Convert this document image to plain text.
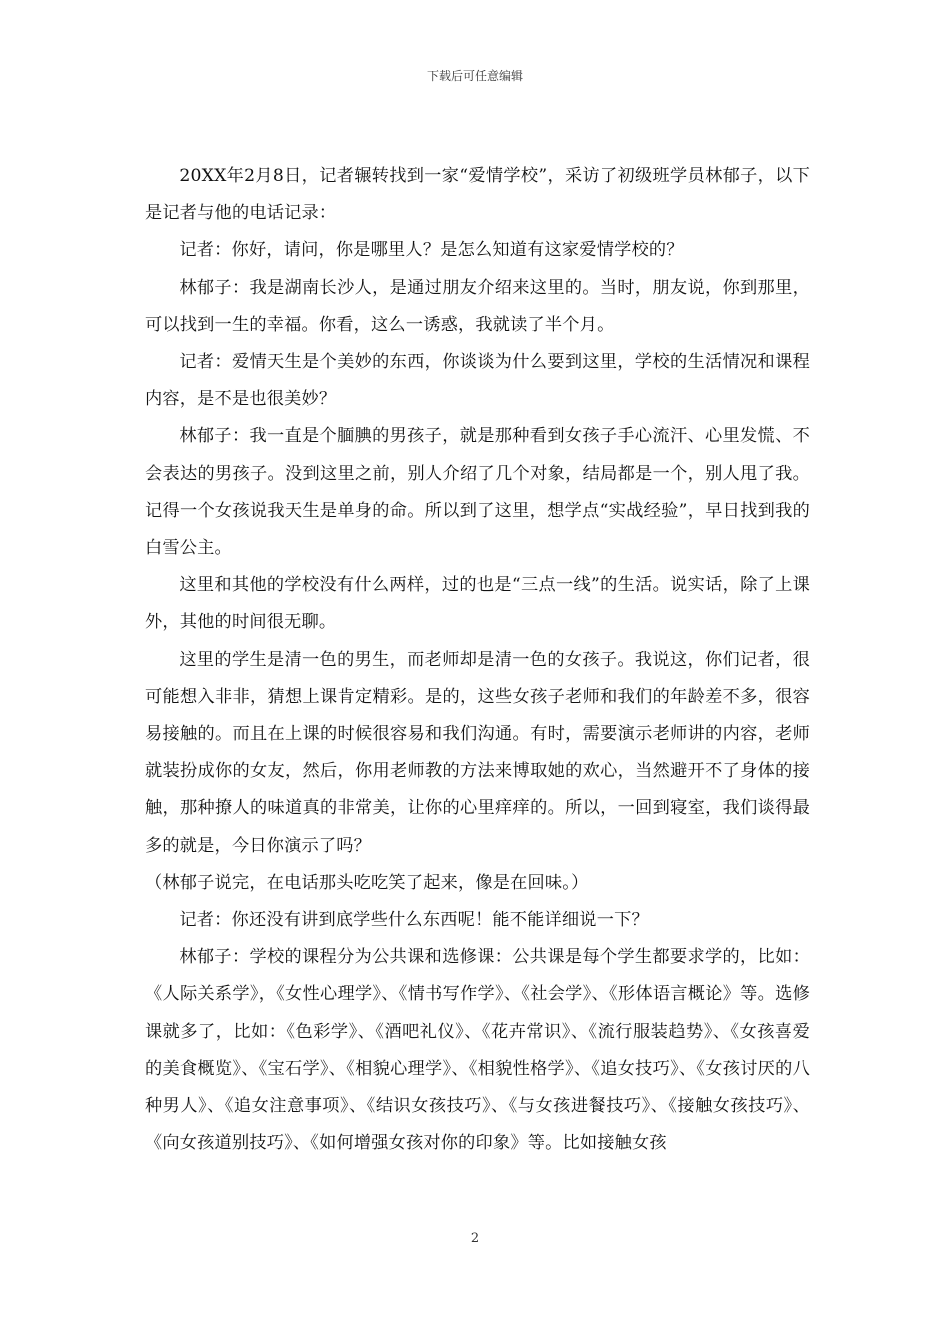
下载后可任意编辑

20XX年2月8日，记者辗转找到一家“爱情学校”，采访了初级班学员林郁子，以下是记者与他的电话记录：

记者：你好，请问，你是哪里人？是怎么知道有这家爱情学校的？

林郁子：我是湖南长沙人，是通过朋友介绍来这里的。当时，朋友说，你到那里，可以找到一生的幸福。你看，这么一诱惑，我就读了半个月。

记者：爱情天生是个美妙的东西，你谈谈为什么要到这里，学校的生活情况和课程内容，是不是也很美妙？

林郁子：我一直是个腼腆的男孩子，就是那种看到女孩子手心流汗、心里发慌、不会表达的男孩子。没到这里之前，别人介绍了几个对象，结局都是一个，别人甩了我。记得一个女孩说我天生是单身的命。所以到了这里，想学点“实战经验”，早日找到我的白雪公主。

这里和其他的学校没有什么两样，过的也是“三点一线”的生活。说实话，除了上课外，其他的时间很无聊。

这里的学生是清一色的男生，而老师却是清一色的女孩子。我说这，你们记者，很可能想入非非，猜想上课肯定精彩。是的，这些女孩子老师和我们的年龄差不多，很容易接触的。而且在上课的时候很容易和我们沟通。有时，需要演示老师讲的内容，老师就装扮成你的女友，然后，你用老师教的方法来博取她的欢心，当然避开不了身体的接触，那种撩人的味道真的非常美，让你的心里痒痒的。所以，一回到寝室，我们谈得最多的就是，今日你演示了吗？

（林郁子说完，在电话那头吃吃笑了起来，像是在回味。）

记者：你还没有讲到底学些什么东西呢！能不能详细说一下？

林郁子：学校的课程分为公共课和选修课：公共课是每个学生都要求学的，比如：《人际关系学》，《女性心理学》、《情书写作学》、《社会学》、《形体语言概论》等。选修课就多了，比如：《色彩学》、《酒吧礼仪》、《花卉常识》、《流行服装趋势》、《女孩喜爱的美食概览》、《宝石学》、《相貌心理学》、《相貌性格学》、《追女技巧》、《女孩讨厌的八种男人》、《追女注意事项》、《结识女孩技巧》、《与女孩进餐技巧》、《接触女孩技巧》、《向女孩道别技巧》、《如何增强女孩对你的印象》等。比如接触女孩

2
